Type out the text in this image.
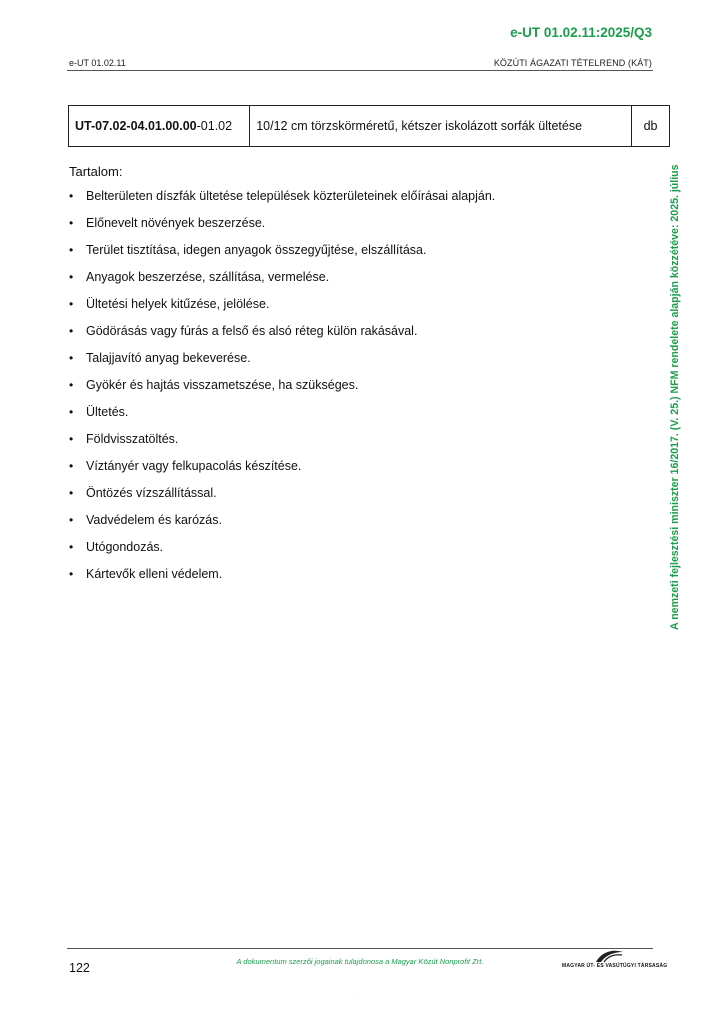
e-UT 01.02.11:2025/Q3
e-UT 01.02.11	KÖZÚTI ÁGAZATI TÉTELREND (KÁT)
UT-07.02-04.01.00.00-01.02	10/12 cm törzskörméretű, kétszer iskolázott sorfák ültetése	db
Tartalom:
•	Belterületen díszfák ültetése települések közterületeinek előírásai alapján.
•	Előnevelt növények beszerzése.
•	Terület tisztítása, idegen anyagok összegyűjtése, elszállítása.
•	Anyagok beszerzése, szállítása, vermelése.
•	Ültetési helyek kitűzése, jelölése.
•	Gödörásás vagy fúrás a felső és alsó réteg külön rakásával.
•	Talajjavító anyag bekeverése.
•	Gyökér és hajtás visszametszése, ha szükséges.
•	Ültetés.
•	Földvisszatöltés.
•	Víztányér vagy felkupacolás készítése.
•	Öntözés vízszállítással.
•	Vadvédelem és karózás.
•	Utógondozás.
•	Kártevők elleni védelem.	A nemzeti fejlesztési miniszter 16/2017. (V. 25.) NFM rendelete alapján közzétéve: 2025. július
122	A dokumentum szerzői jogainak tulajdonosa a Magyar Közút Nonprofit Zrt.	MAGYAR ÚT- ÉS VASÚTÜGYI TÁRSASÁG
·
